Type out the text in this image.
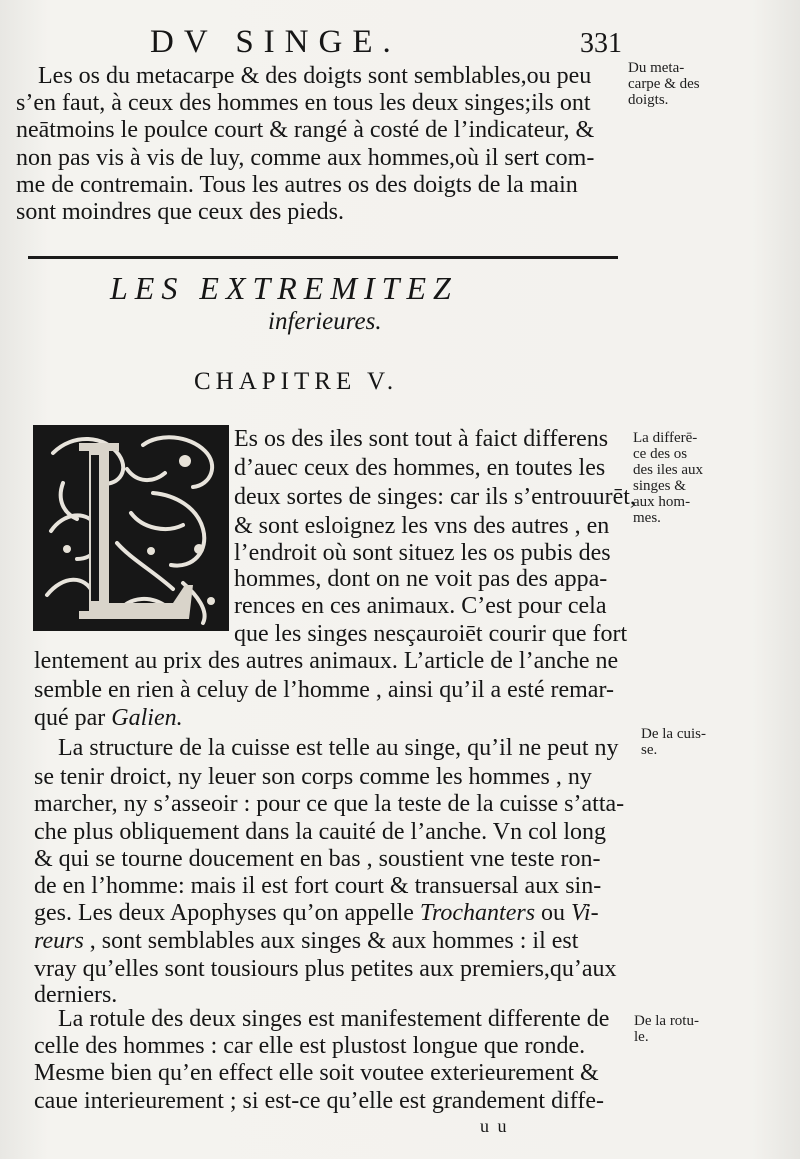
DV SINGE.	331
Du meta-
carpe & des
doigts.
Les os du metacarpe & des doigts sont semblables,ou peu
s’en faut, à ceux des hommes en tous les deux singes;ils ont
neātmoins le poulce court & rangé à costé de l’indicateur, &
non pas vis à vis de luy, comme aux hommes,où il sert com-
me de contremain. Tous les autres os des doigts de la main
sont moindres que ceux des pieds.
LES EXTREMITEZ
inferieures.
CHAPITRE V.
Es os des iles sont tout à faict differens
d’auec ceux des hommes, en toutes les
deux sortes de singes: car ils s’entrouurēt,
& sont esloignez les vns des autres , en
l’endroit où sont situez les os pubis des
hommes, dont on ne voit pas des appa-
rences en ces animaux. C’est pour cela
que les singes nesçauroiēt courir que fort
lentement au prix des autres animaux. L’article de l’anche ne
semble en rien à celuy de l’homme , ainsi qu’il a esté remar-
qué par Galien.
La differē-
ce des os
des iles aux
singes &
aux hom-
mes.
La structure de la cuisse est telle au singe, qu’il ne peut ny
se tenir droict, ny leuer son corps comme les hommes , ny
marcher, ny s’asseoir : pour ce que la teste de la cuisse s’atta-
che plus obliquement dans la cauité de l’anche. Vn col long
& qui se tourne doucement en bas , soustient vne teste ron-
de en l’homme: mais il est fort court & transuersal aux sin-
ges. Les deux Apophyses qu’on appelle Trochanters ou Vi-
reurs , sont semblables aux singes & aux hommes : il est
vray qu’elles sont tousiours plus petites aux premiers,qu’aux
derniers.
De la cuis-
se.
La rotule des deux singes est manifestement differente de
celle des hommes : car elle est plustost longue que ronde.
Mesme bien qu’en effect elle soit voutee exterieurement &
caue interieurement ; si est-ce qu’elle est grandement diffe-
De la rotu-
le.
u u
